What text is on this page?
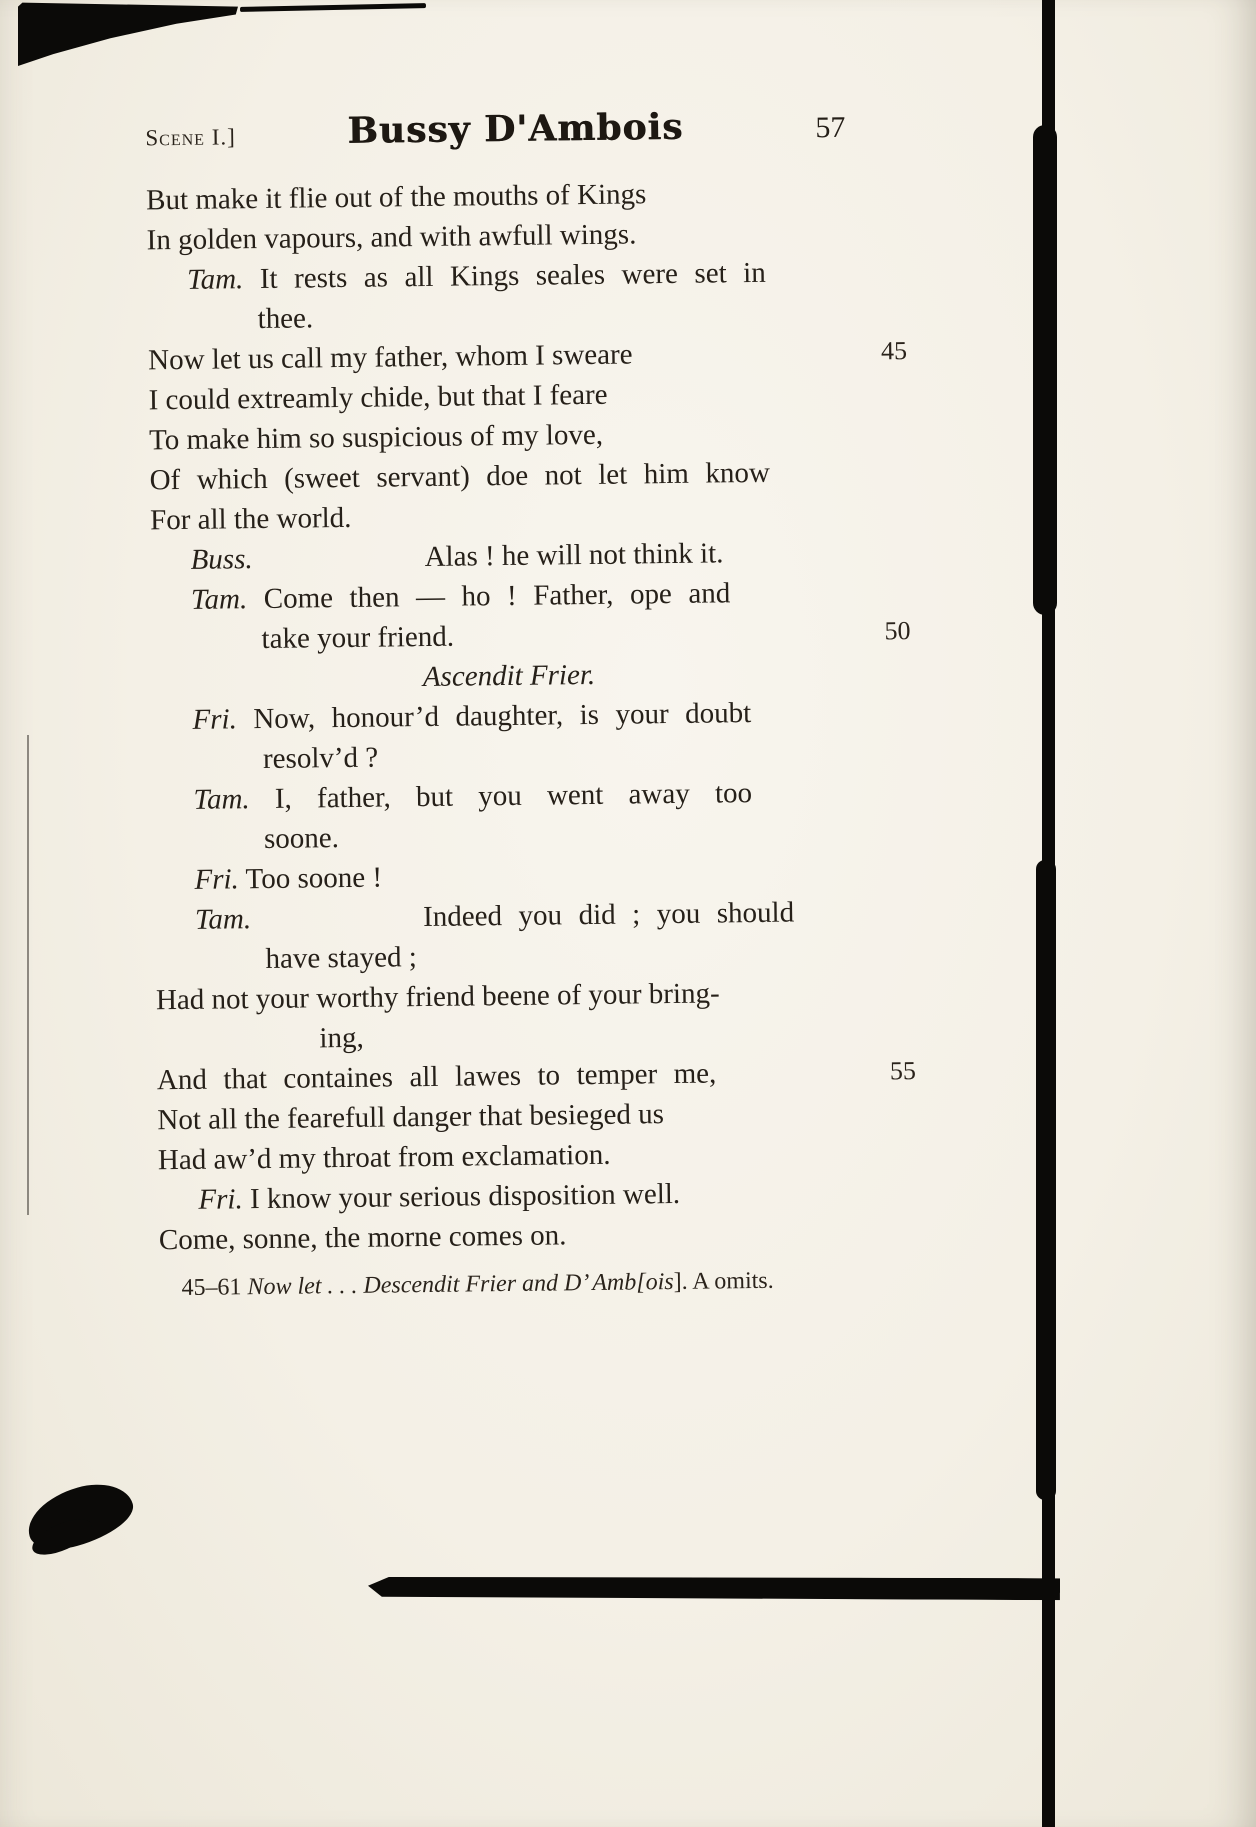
Scene I.]	Bussy D'Ambois	57
But make it flie out of the mouths of Kings
In golden vapours, and with awfull wings.
Tam. It rests as all Kings seales were set in
thee.
Now let us call my father, whom I sweare	45
I could extreamly chide, but that I feare
To make him so suspicious of my love,
Of which (sweet servant) doe not let him know
For all the world.
Buss.	Alas ! he will not think it.
Tam. Come then — ho ! Father, ope and
take your friend.	50
Ascendit Frier.
Fri. Now, honour’d daughter, is your doubt
resolv’d ?
Tam. I, father, but you went away too
soone.
Fri. Too soone !
Tam.	Indeed you did ; you should
have stayed ;
Had not your worthy friend beene of your bring-
ing,
And that containes all lawes to temper me,	55
Not all the fearefull danger that besieged us
Had aw’d my throat from exclamation.
Fri. I know your serious disposition well.
Come, sonne, the morne comes on.
45–61 Now let . . . Descendit Frier and D’ Amb[ois]. A omits.
